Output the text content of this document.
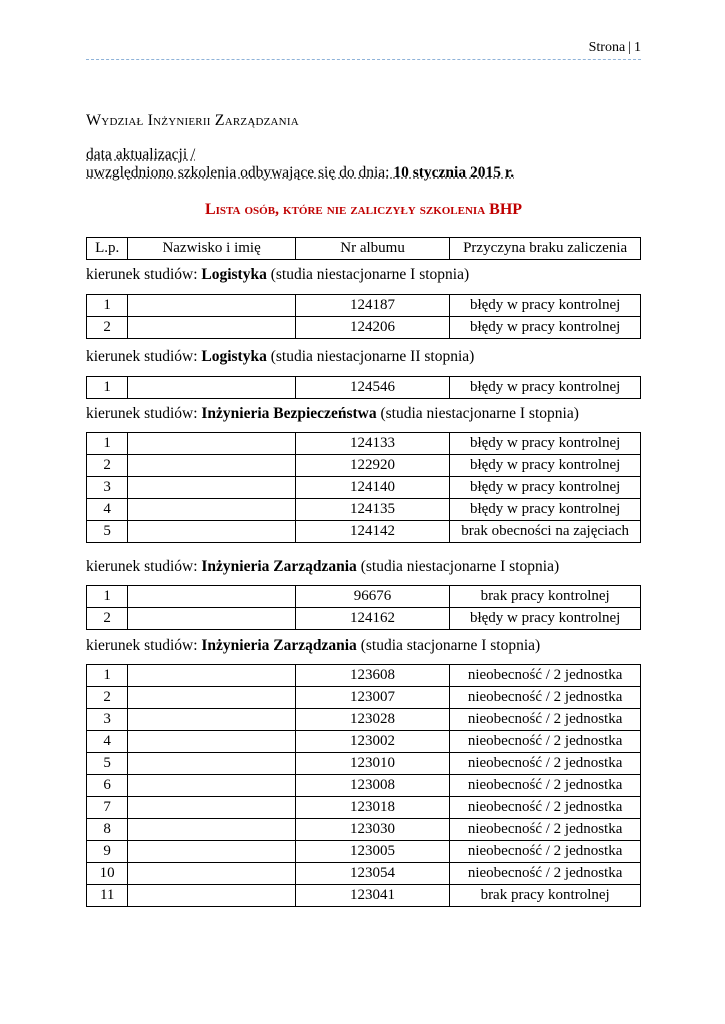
Strona | 1
Wydział Inżynierii Zarządzania
data aktualizacji /
uwzględniono szkolenia odbywające się do dnia: 10 stycznia 2015 r.
Lista osób, które nie zaliczyły szkolenia BHP
L.p.	Nazwisko i imię	Nr albumu	Przyczyna braku zaliczenia
kierunek studiów: Logistyka (studia niestacjonarne I stopnia)
1		124187	błędy w pracy kontrolnej
2		124206	błędy w pracy kontrolnej
kierunek studiów: Logistyka (studia niestacjonarne II stopnia)
1		124546	błędy w pracy kontrolnej
kierunek studiów: Inżynieria Bezpieczeństwa (studia niestacjonarne I stopnia)
1		124133	błędy w pracy kontrolnej
2		122920	błędy w pracy kontrolnej
3		124140	błędy w pracy kontrolnej
4		124135	błędy w pracy kontrolnej
5		124142	brak obecności na zajęciach
kierunek studiów: Inżynieria Zarządzania (studia niestacjonarne I stopnia)
1		96676	brak pracy kontrolnej
2		124162	błędy w pracy kontrolnej
kierunek studiów: Inżynieria Zarządzania (studia stacjonarne I stopnia)
1		123608	nieobecność / 2 jednostka
2		123007	nieobecność / 2 jednostka
3		123028	nieobecność / 2 jednostka
4		123002	nieobecność / 2 jednostka
5		123010	nieobecność / 2 jednostka
6		123008	nieobecność / 2 jednostka
7		123018	nieobecność / 2 jednostka
8		123030	nieobecność / 2 jednostka
9		123005	nieobecność / 2 jednostka
10		123054	nieobecność / 2 jednostka
11		123041	brak pracy kontrolnej
